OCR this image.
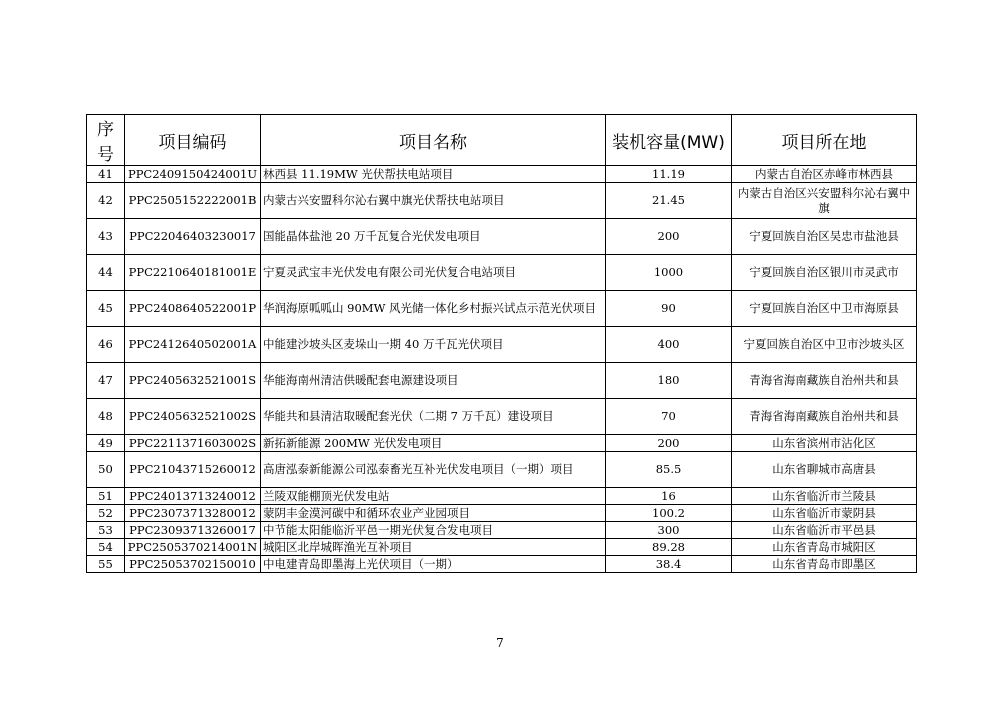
序号	项目编码	项目名称	装机容量(MW)	项目所在地
41	PPC2409150424001U	林西县 11.19MW 光伏帮扶电站项目	11.19	内蒙古自治区赤峰市林西县
42	PPC2505152222001B	内蒙古兴安盟科尔沁右翼中旗光伏帮扶电站项目	21.45	内蒙古自治区兴安盟科尔沁右翼中旗
43	PPC22046403230017	国能晶体盐池 20 万千瓦复合光伏发电项目	200	宁夏回族自治区吴忠市盐池县
44	PPC2210640181001E	宁夏灵武宝丰光伏发电有限公司光伏复合电站项目	1000	宁夏回族自治区银川市灵武市
45	PPC2408640522001P	华润海原呱呱山 90MW 风光储一体化乡村振兴试点示范光伏项目	90	宁夏回族自治区中卫市海原县
46	PPC2412640502001A	中能建沙坡头区麦垛山一期 40 万千瓦光伏项目	400	宁夏回族自治区中卫市沙坡头区
47	PPC2405632521001S	华能海南州清洁供暖配套电源建设项目	180	青海省海南藏族自治州共和县
48	PPC2405632521002S	华能共和县清洁取暖配套光伏（二期 7 万千瓦）建设项目	70	青海省海南藏族自治州共和县
49	PPC2211371603002S	新拓新能源 200MW 光伏发电项目	200	山东省滨州市沾化区
50	PPC21043715260012	高唐泓泰新能源公司泓泰畜光互补光伏发电项目（一期）项目	85.5	山东省聊城市高唐县
51	PPC24013713240012	兰陵双能棚顶光伏发电站	16	山东省临沂市兰陵县
52	PPC23073713280012	蒙阴丰金漠河碳中和循环农业产业园项目	100.2	山东省临沂市蒙阴县
53	PPC23093713260017	中节能太阳能临沂平邑一期光伏复合发电项目	300	山东省临沂市平邑县
54	PPC2505370214001N	城阳区北岸城晖渔光互补项目	89.28	山东省青岛市城阳区
55	PPC25053702150010	中电建青岛即墨海上光伏项目（一期）	38.4	山东省青岛市即墨区
7
